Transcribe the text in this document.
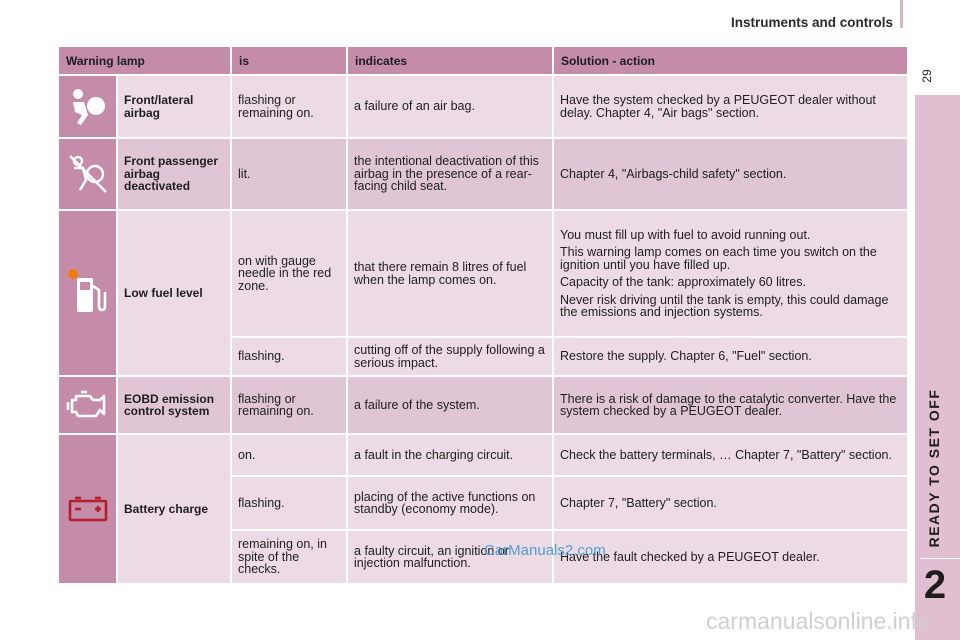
Instruments and controls
29
READY TO SET OFF
2
Warning lamp		is	indicates	Solution - action

	Front/lateral airbag	flashing or remaining on.	a failure of an air bag.	Have the system checked by a PEUGEOT dealer without delay. Chapter 4, "Air bags" section.

	Front passenger airbag deactivated	lit.	the intentional deactivation of this airbag in the presence of a rear-facing child seat.	Chapter 4, "Airbags-child safety" section.

	Low fuel level	on with gauge needle in the red zone.	that there remain 8 litres of fuel when the lamp comes on.	You must fill up with fuel to avoid running out.

This warning lamp comes on each time you switch on the ignition until you have filled up.

Capacity of the tank: approximately 60 litres.

Never risk driving until the tank is empty, this could damage the emissions and injection systems.

		flashing.	cutting off of the supply following a serious impact.	Restore the supply. Chapter 6, "Fuel" section.

	EOBD emission control system	flashing or remaining on.	a failure of the system.	There is a risk of damage to the catalytic converter. Have the system checked by a PEUGEOT dealer.

	Battery charge	on.	a fault in the charging circuit.	Check the battery terminals, … Chapter 7, "Battery" section.

		flashing.	placing of the active functions on standby (economy mode).	Chapter 7, "Battery" section.

		remaining on, in spite of the checks.	a faulty circuit, an ignition or injection malfunction.	Have the fault checked by a PEUGEOT dealer.

CarManuals2.com
carmanualsonline.info
